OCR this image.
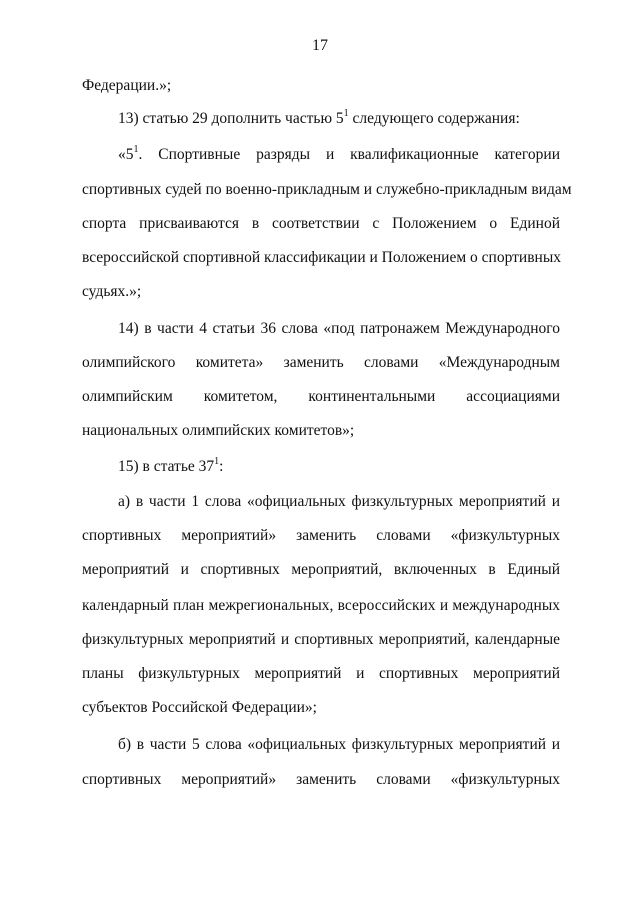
17
Федерации.»;
13) статью 29 дополнить частью $5^1$ следующего содержания:
«$5^1$. Спортивные разряды и квалификационные категории
спортивных судей по военно-прикладным и служебно-прикладным видам
спорта присваиваются в соответствии с Положением о Единой
всероссийской спортивной классификации и Положением о спортивных
судьях.»;
14) в части 4 статьи 36 слова «под патронажем Международного
олимпийского комитета» заменить словами «Международным
олимпийским комитетом, континентальными ассоциациями
национальных олимпийских комитетов»;
15) в статье $37^1$:
а) в части 1 слова «официальных физкультурных мероприятий и
спортивных мероприятий» заменить словами «физкультурных
мероприятий и спортивных мероприятий, включенных в Единый
календарный план межрегиональных, всероссийских и международных
физкультурных мероприятий и спортивных мероприятий, календарные
планы физкультурных мероприятий и спортивных мероприятий
субъектов Российской Федерации»;
б) в части 5 слова «официальных физкультурных мероприятий и
спортивных мероприятий» заменить словами «физкультурных
